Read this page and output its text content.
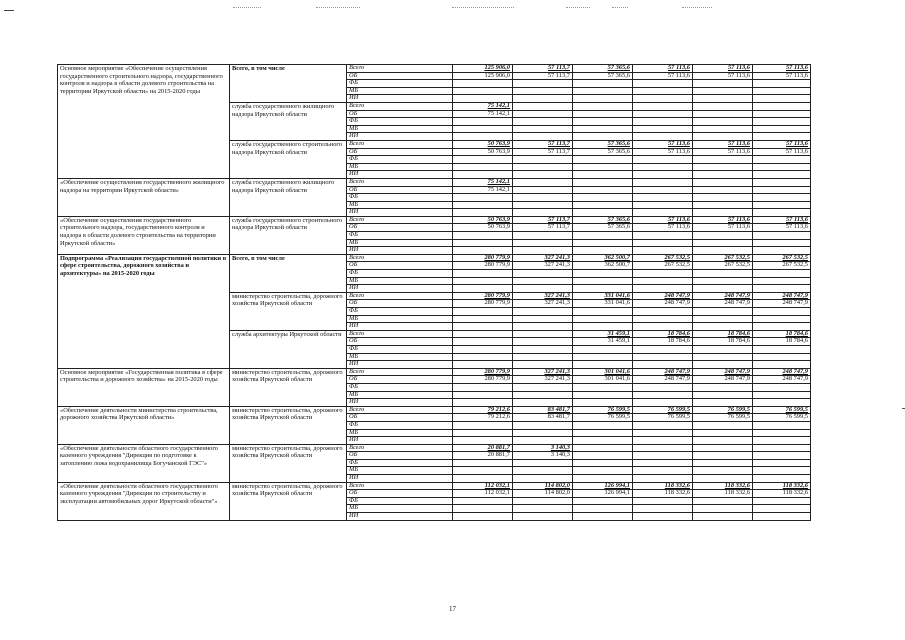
Основное мероприятие «Обеспечение осуществления государственного строительного надзора, государственного контроля и надзора в области долевого строительства на территории Иркутской области» на 2015-2020 годы	Всего, в том числе	Всего	125 906,0	57 113,7	57 365,6	57 113,6	57 113,6	57 113,6
		ОБ	125 906,0	57 113,7	57 365,6	57 113,6	57 113,6	57 113,6
		ФБ						
		МБ						
		ИИ						
	служба государственного жилищного надзора Иркутской области	Всего	75 142,1					
		ОБ	75 142,1					
		ФБ						
		МБ						
		ИИ						
	служба государственного строительного надзора Иркутской области	Всего	50 763,9	57 113,7	57 365,6	57 113,6	57 113,6	57 113,6
		ОБ	50 763,9	57 113,7	57 365,6	57 113,6	57 113,6	57 113,6
		ФБ						
		МБ						
		ИИ						
«Обеспечение осуществления государственного жилищного надзора на территории Иркутской области»	служба государственного жилищного надзора Иркутской области	Всего	75 142,1					
		ОБ	75 142,1					
		ФБ						
		МБ						
		ИИ						
«Обеспечение осуществления государственного строительного надзора, государственного контроля и надзора в области долевого строительства на территории Иркутской области»	служба государственного строительного надзора Иркутской области	Всего	50 763,9	57 113,7	57 365,6	57 113,6	57 113,6	57 113,6
		ОБ	50 763,9	57 113,7	57 365,6	57 113,6	57 113,6	57 113,6
		ФБ						
		МБ						
		ИИ						
Подпрограмма «Реализация государственной политики в сфере строительства, дорожного хозяйства и архитектуры» на 2015-2020 годы	Всего, в том числе	Всего	280 779,9	327 241,3	362 500,7	267 532,5	267 532,5	267 532,5
		ОБ	280 779,9	327 241,3	362 500,7	267 532,5	267 532,5	267 532,5
		ФБ						
		МБ						
		ИИ						
	министерство строительства, дорожного хозяйства Иркутской области	Всего	280 779,9	327 241,3	331 041,6	248 747,9	248 747,9	248 747,9
		ОБ	280 779,9	327 241,3	331 041,6	248 747,9	248 747,9	248 747,9
		ФБ						
		МБ						
		ИИ						
	служба архитектуры Иркутской области	Всего			31 459,1	18 784,6	18 784,6	18 784,6
		ОБ			31 459,1	18 784,6	18 784,6	18 784,6
		ФБ						
		МБ						
		ИИ						
Основное мероприятие «Государственная политика в сфере строительства и дорожного хозяйства» на 2015-2020 годы	министерство строительства, дорожного хозяйства Иркутской области	Всего	280 779,9	327 241,3	301 041,6	248 747,9	248 747,9	248 747,9
		ОБ	280 779,9	327 241,3	301 041,6	248 747,9	248 747,9	248 747,9
		ФБ						
		МБ						
		ИИ						
«Обеспечение деятельности министерства строительства, дорожного хозяйства Иркутской области»	министерство строительства, дорожного хозяйства Иркутской области	Всего	79 212,6	83 481,7	76 599,5	76 599,5	76 599,5	76 599,5
		ОБ	79 212,6	83 481,7	76 599,5	76 599,5	76 599,5	76 599,5
		ФБ						
		МБ						
		ИИ						
«Обеспечение деятельности областного государственного казенного учреждения "Дирекция по подготовке к затоплению ложа водохранилища Богучанской ГЭС"»	министерство строительства, дорожного хозяйства Иркутской области	Всего	20 881,7	3 140,3				
		ОБ	20 881,7	3 140,3				
		ФБ						
		МБ						
		ИИ						
«Обеспечение деятельности областного государственного казенного учреждения "Дирекция по строительству и эксплуатации автомобильных дорог Иркутской области"»	министерство строительства, дорожного хозяйства Иркутской области	Всего	112 032,1	114 802,0	126 994,1	118 332,6	118 332,6	118 332,6
		ОБ	112 032,1	114 802,0	126 994,1	118 332,6	118 332,6	118 332,6
		ФБ						
		МБ						
		ИИ						
17
